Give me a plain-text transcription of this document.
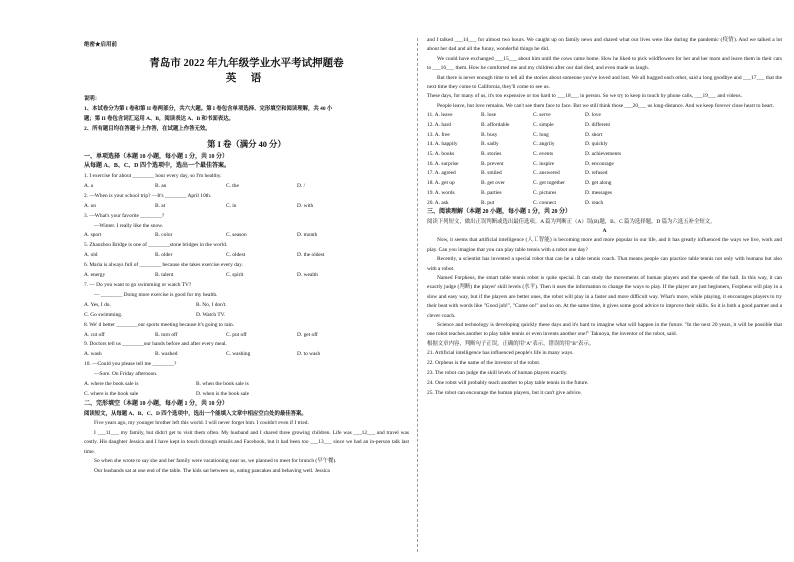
绝密★启用前
青岛市 2022 年九年级学业水平考试押题卷
英 语
说明：
1、本试卷分为第 I 卷和第 II 卷两部分，共六大题。第 I 卷包含单项选择、完形填空和阅读理解，共 40 小
题；第 II 卷包含词汇运用 A、B，阅读表达 A、B 和书面表达。
2、所有题目均在答题卡上作答，在试题上作答无效。
第 I 卷（满分 40 分）
一、单项选择（本题 10 小题，每小题 1 分，共 10 分）
从每题 A、B、C、D 四个选项中，选出一个最佳答案。
1. I exercise for about ________ hour every day, so I'm healthy.
A. a	B. an	C. the	D. /
2. —When is your school trip? —It's ________ April 10th.
A. on	B. at	C. in	D. with
3. —What's your favorite ________?
—Winter. I really like the snow.
A. sport	B. color	C. season	D. month
5. Zhaozhou Bridge is one of ________stone bridges in the world.
A. old	B. older	C. oldest	D. the oldest
6. Maria is always full of ________ because she takes exercise every day.
A. energy	B. talent	C. spirit	D. wealth
7. — Do you want to go swimming or watch TV?
— ________ Doing more exercise is good for my health.
A. Yes, I do.	B. No, I don't.
C. Go swimming.	D. Watch TV.
8. We' d better ________our sports meeting because it's going to rain.
A. cut off	B. turn off	C. put off	D. get off
9. Doctors tell us ________our hands before and after every meal.
A. wash	B. washed	C. washing	D. to wash
10. —Could you please tell me ________?
—Sure. On Friday afternoon.
A. where the book sale is	B. when the book sale is
C. where is the book sale	D. when is the book sale
二、完形填空（本题 10 小题，每小题 1 分，共 10 分）
阅读短文，从每题 A、B、C、D 四个选项中，选出一个能填入文章中相应空白处的最佳答案。
Five years ago, my younger brother left this world. I will never forget him. I couldn't even if I tried.
I ___11___ my family, but didn't get to visit them often. My husband and I shared three growing children. Life was ___12___ and travel was costly. His daughter Jessica and I have kept in touch through emails and Facebook, but it had been too ___13___ since we had an in-person talk last time.
So when she wrote to say she and her family were vacationing near us, we planned to meet for brunch (早午餐).
Our husbands sat at one end of the table. The kids sat between us, eating pancakes and behaving well. Jessica
and I talked ___14___ for almost two hours. We caught up on family news and shared what our lives were like during the pandemic (疫情). And we talked a lot about her dad and all the funny, wonderful things he did.
We could have exchanged ___15___ about him until the cows came home. How he liked to pick wildflowers for her and her mom and leave them in their cars to ___16___ them. How he comforted me and my children after our dad died, and even made us laugh.
But there is never enough time to tell all the stories about someone you've loved and lost. We all hugged each other, said a long goodbye and ___17___ that the next time they come to California, they'll come to see us.
These days, for many of us, it's too expensive or too hard to ___18___ in person. So we try to keep in touch by phone calls, ___19___ and videos.
People leave, but love remains. We can't see them face to face. But we still think those ___20___ us long-distance. And we keep forever close heart to heart.
11. A. leave	B. lose	C. serve	D. love
12. A. hard	B. affordable	C. simple	D. different
13. A. free	B. busy	C. long	D. short
14. A. happily	B. sadly	C. angrily	D. quickly
15. A. books	B. stories	C. events	D. achievements
16. A. surprise	B. prevent	C. inspire	D. encourage
17. A. agreed	B. smiled	C. answered	D. refused
18. A. get up	B. get over	C. get together	D. get along
19. A. words	B. parties	C. pictures	D. messages
20. A. ask	B. put	C. connect	D. reach
三、阅读理解（本题 20 小题，每小题 1 分，共 20 分）
阅读下列短文，做出正误判断或选出最佳选项。A 篇为判断正（A）误(B)题，B、C 篇为选择题，D 篇为六选五补全短文。
A
Now, it seems that artificial intelligence (人工智能) is becoming more and more popular in our life, and it has greatly influenced the ways we live, work and play. Can you imagine that you can play table tennis with a robot one day?
Recently, a scientist has invented a special robot that can be a table tennis coach. That means people can practice table tennis not only with humans but also with a robot.
Named Forpheus, the smart table tennis robot is quite special. It can study the movements of human players and the speeds of the ball. In this way, it can exactly judge (判断) the player' skill levels (水平). Then it uses the information to change the ways to play. If the player are just beginners, Forpheus will play in a slow and easy way, but if the players are better ones, the robot will play in a faster and more difficult way. What's more, while playing, it encourages players to try their beat with words like "Good job!", "Come on!" and so on. At the same time, it gives some good advice to improve their skills. So it is both a good partner and a clever coach.
Science and technology is developing quickly these days and it's hard to imagine what will happen in the future. "In the next 20 years, it will be possible that one robot teaches another to play table tennis or even invents another one!" Takuoya, the inventor of the robot, said.
根据文章内容，判断句子正误，正确的用"A"表示，错误的用"B"表示。
21. Artificial intelligence has influenced people's life in many ways.
22. Orpheus is the name of the inventor of the robot.
23. The robot can judge the skill levels of human players exactly.
24. One robot will probably teach another to play table tennis in the future.
25. The robot can encourage the human players, but it can't give advice.
